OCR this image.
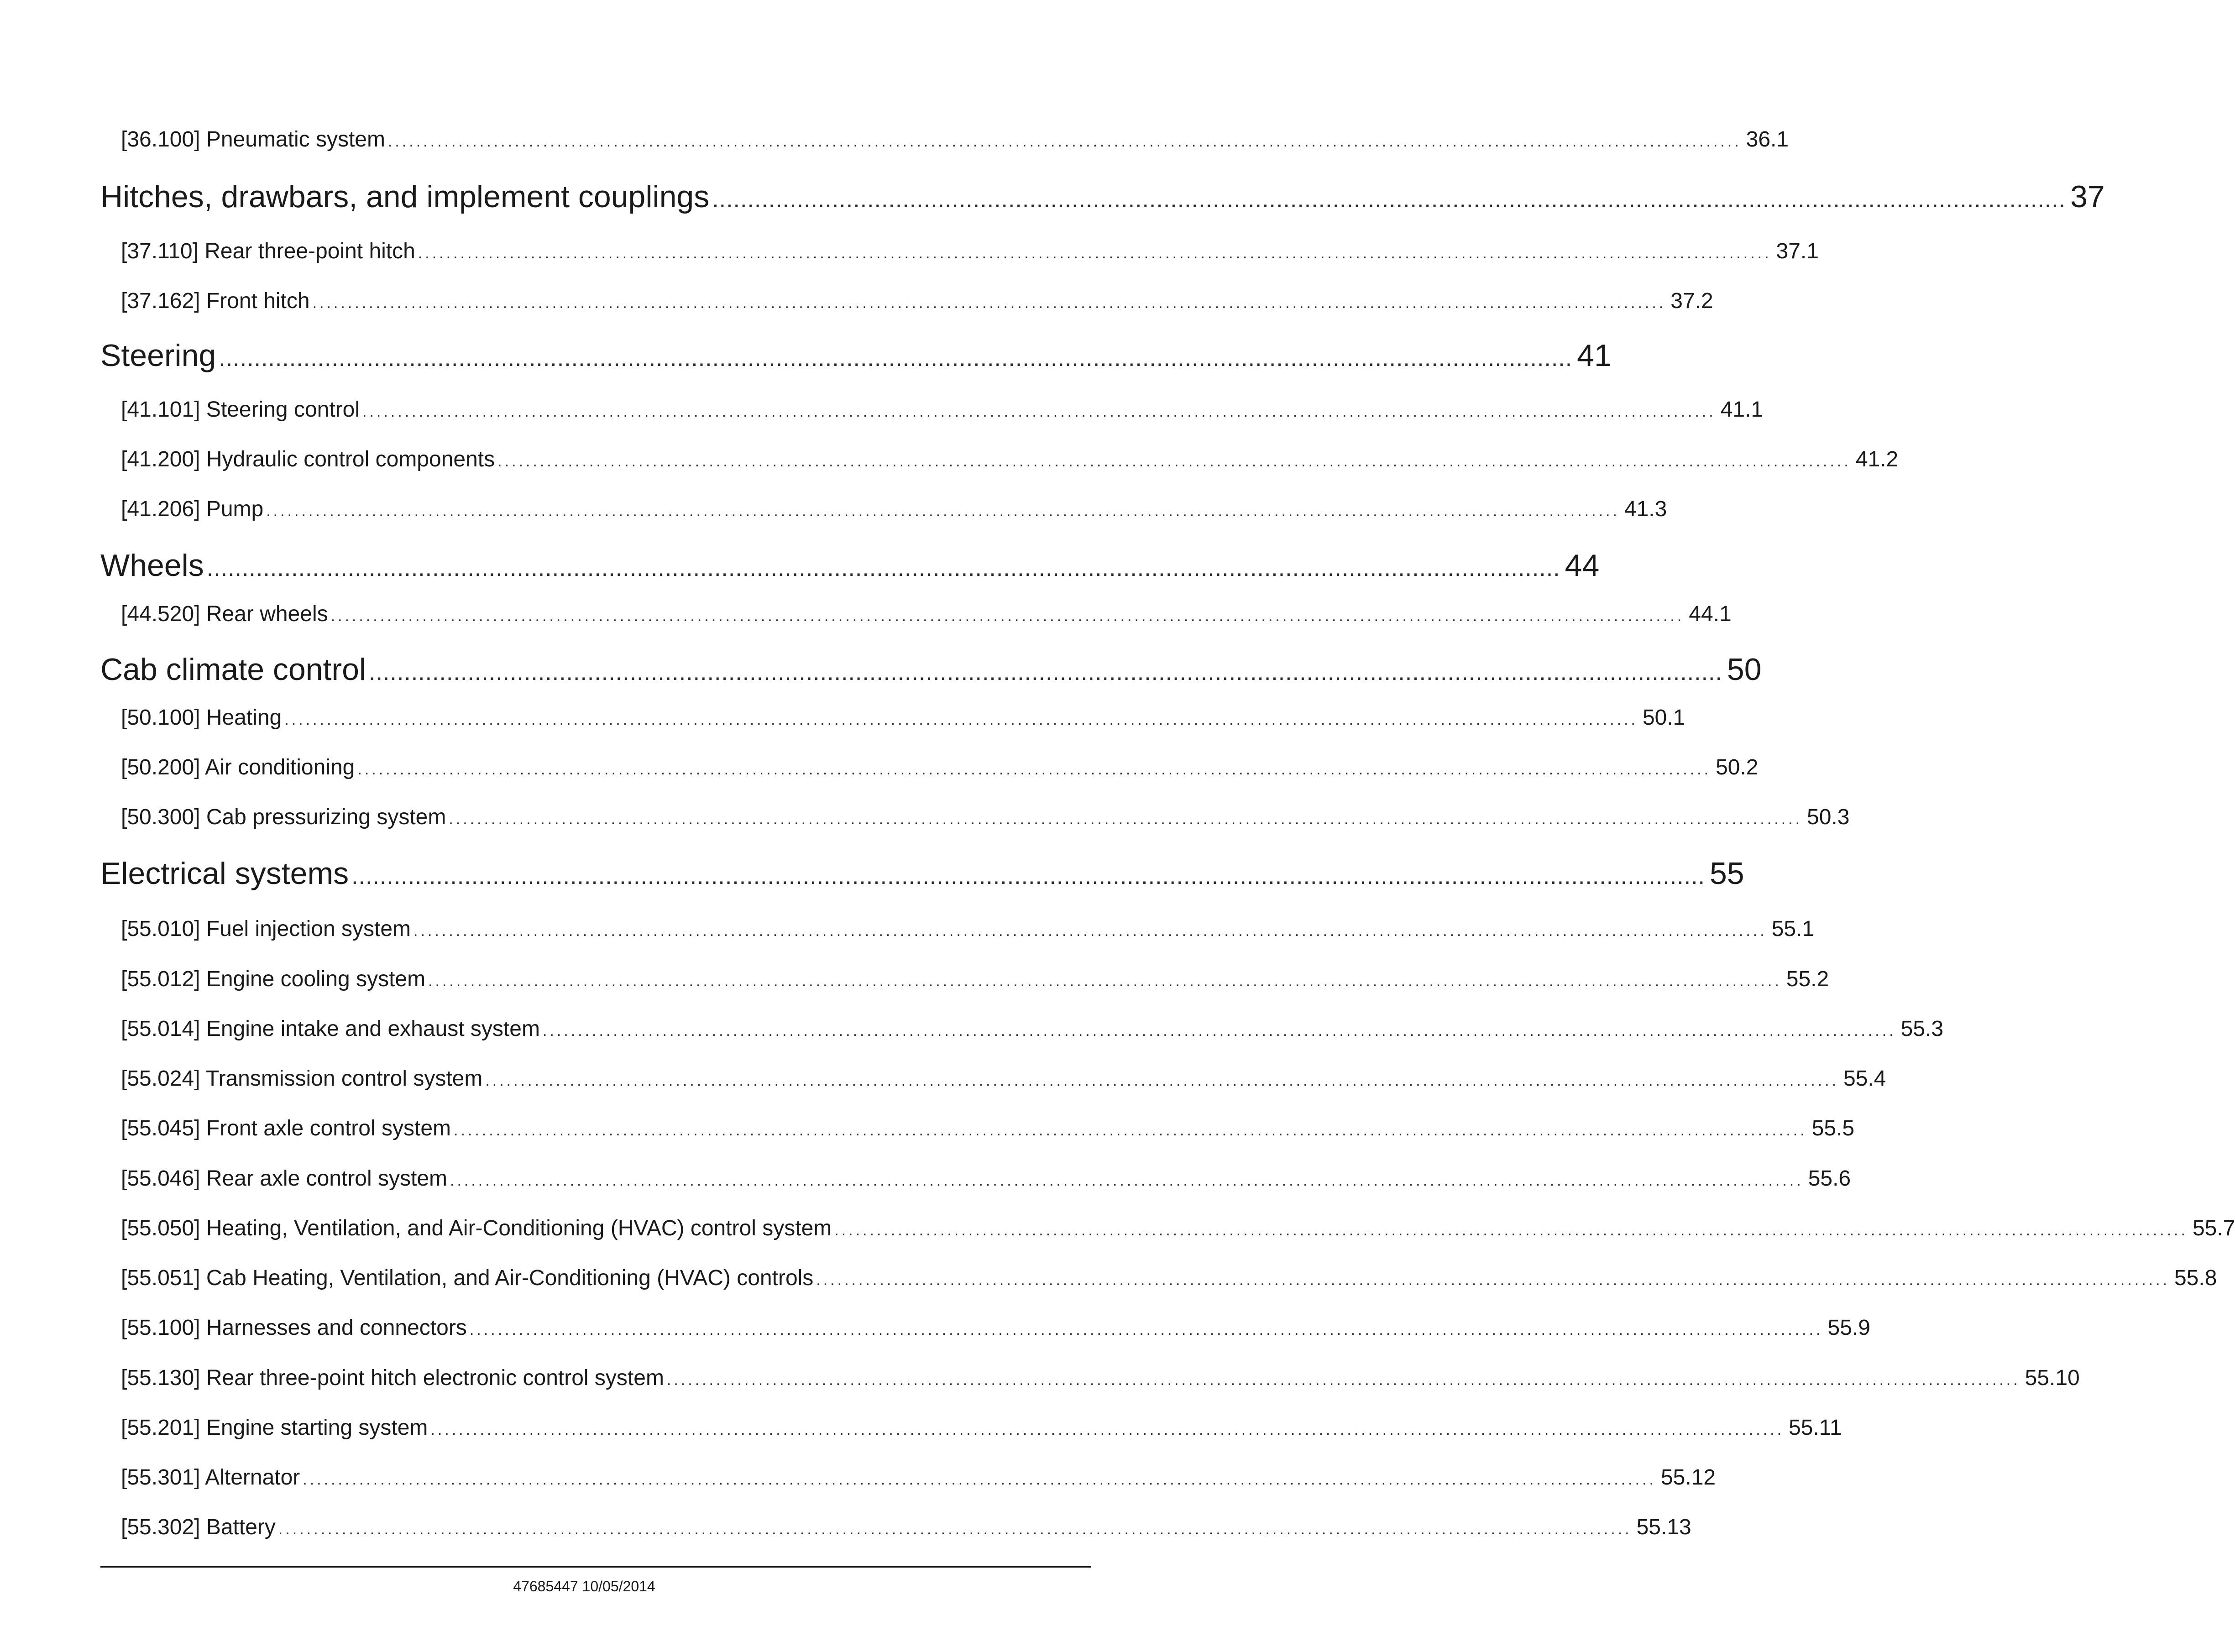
[36.100] Pneumatic system ................................................................................................................................................................................................ 36.1
Hitches, drawbars, and implement couplings ................................................................................................................................................................................................ 37
[37.110] Rear three-point hitch ................................................................................................................................................................................................ 37.1
[37.162] Front hitch ................................................................................................................................................................................................ 37.2
Steering ................................................................................................................................................................................................ 41
[41.101] Steering control ................................................................................................................................................................................................ 41.1
[41.200] Hydraulic control components ................................................................................................................................................................................................ 41.2
[41.206] Pump ................................................................................................................................................................................................ 41.3
Wheels ................................................................................................................................................................................................ 44
[44.520] Rear wheels ................................................................................................................................................................................................ 44.1
Cab climate control ................................................................................................................................................................................................ 50
[50.100] Heating ................................................................................................................................................................................................ 50.1
[50.200] Air conditioning ................................................................................................................................................................................................ 50.2
[50.300] Cab pressurizing system ................................................................................................................................................................................................ 50.3
Electrical systems ................................................................................................................................................................................................ 55
[55.010] Fuel injection system ................................................................................................................................................................................................ 55.1
[55.012] Engine cooling system ................................................................................................................................................................................................ 55.2
[55.014] Engine intake and exhaust system ................................................................................................................................................................................................ 55.3
[55.024] Transmission control system ................................................................................................................................................................................................ 55.4
[55.045] Front axle control system ................................................................................................................................................................................................ 55.5
[55.046] Rear axle control system ................................................................................................................................................................................................ 55.6
[55.050] Heating, Ventilation, and Air-Conditioning (HVAC) control system ................................................................................................................................................................................................ 55.7
[55.051] Cab Heating, Ventilation, and Air-Conditioning (HVAC) controls ................................................................................................................................................................................................ 55.8
[55.100] Harnesses and connectors ................................................................................................................................................................................................ 55.9
[55.130] Rear three-point hitch electronic control system ................................................................................................................................................................................................ 55.10
[55.201] Engine starting system ................................................................................................................................................................................................ 55.11
[55.301] Alternator ................................................................................................................................................................................................ 55.12
[55.302] Battery ................................................................................................................................................................................................ 55.13
47685447 10/05/2014
